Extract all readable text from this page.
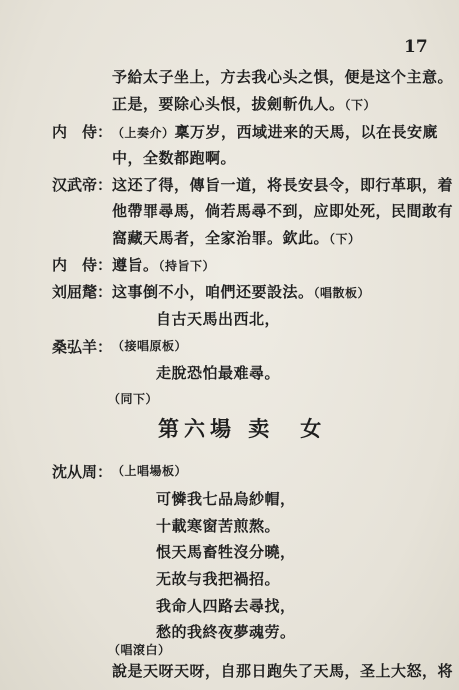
17
予給太子坐上，方去我心头之惧，便是这个主意。
正是，要除心头恨，拔劍斬仇人。（下）
内　侍： （上奏介）稟万岁，西域进来的天馬，以在長安廐
中，全数都跑啊。
汉武帝： 这还了得，傳旨一道，将長安县令，即行革职，着
他帶罪尋馬，倘若馬尋不到，应即处死，民間敢有
窩藏天馬者，全家治罪。欽此。（下）
内　侍： 遵旨。（持旨下）
刘屈氂： 这事倒不小，咱們还要設法。（唱散板）
自古天馬出西北，
桑弘羊： （接唱原板）
走脫恐怕最难尋。
（同下）
第六場 卖　女
沈从周： （上唱場板）
可憐我七品烏紗帽，
十載寒窗苦煎熬。
恨天馬畜牲沒分曉，
无故与我把禍招。
我命人四路去尋找，
愁的我終夜夢魂劳。
（唱滾白）
說是天呀天呀，自那日跑失了天馬，圣上大怒，将
